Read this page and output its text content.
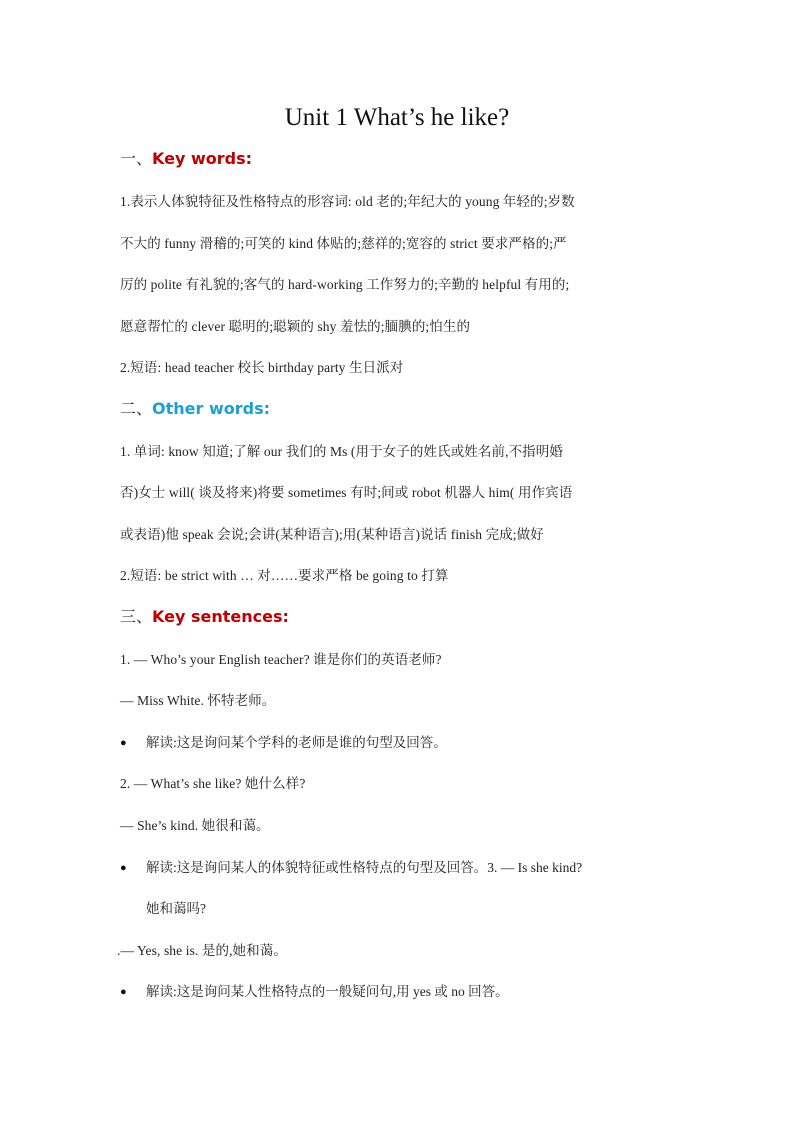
Unit 1 What’s he like?
一、Key words:
1.表示人体貌特征及性格特点的形容词: old 老的;年纪大的 young 年轻的;岁数
不大的 funny 滑稽的;可笑的 kind 体贴的;慈祥的;宽容的 strict 要求严格的;严
厉的 polite 有礼貌的;客气的 hard-working 工作努力的;辛勤的 helpful 有用的;
愿意帮忙的 clever 聪明的;聪颖的 shy 羞怯的;腼腆的;怕生的
2.短语: head teacher 校长 birthday party 生日派对
二、Other words:
1. 单词: know 知道;了解 our 我们的 Ms (用于女子的姓氏或姓名前,不指明婚
否)女士 will( 谈及将来)将要 sometimes 有时;间或 robot 机器人 him( 用作宾语
或表语)他 speak 会说;会讲(某种语言);用(某种语言)说话 finish 完成;做好
2.短语: be strict with … 对……要求严格 be going to 打算
三、Key sentences:
1. — Who’s your English teacher? 谁是你们的英语老师?
— Miss White. 怀特老师。
● 解读:这是询问某个学科的老师是谁的句型及回答。
2. — What’s she like? 她什么样?
— She’s kind. 她很和蔼。
● 解读:这是询问某人的体貌特征或性格特点的句型及回答。3. — Is she kind?
她和蔼吗?
.— Yes, she is. 是的,她和蔼。
● 解读:这是询问某人性格特点的一般疑问句,用 yes 或 no 回答。
